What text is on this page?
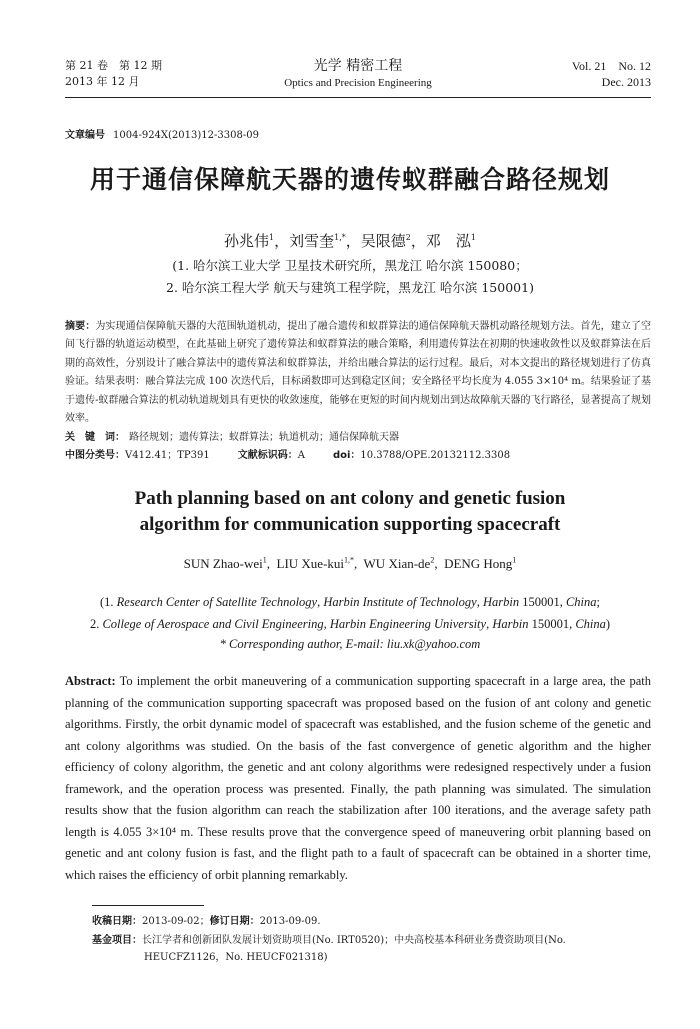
第 21 卷　第 12 期
2013 年 12 月
光学 精密工程
Optics and Precision Engineering
Vol. 21　No. 12
Dec. 2013
文章编号 1004-924X(2013)12-3308-09
用于通信保障航天器的遗传蚁群融合路径规划
孙兆伟$^1$，刘雪奎$^{1,*}$，吴限德$^2$，邓　泓$^1$
(1. 哈尔滨工业大学 卫星技术研究所，黑龙江 哈尔滨 150080；
2. 哈尔滨工程大学 航天与建筑工程学院，黑龙江 哈尔滨 150001)
摘要：为实现通信保障航天器的大范围轨道机动，提出了融合遗传和蚁群算法的通信保障航天器机动路径规划方法。首先，建立了空间飞行器的轨道运动模型，在此基础上研究了遗传算法和蚁群算法的融合策略，利用遗传算法在初期的快速收敛性以及蚁群算法在后期的高效性，分别设计了融合算法中的遗传算法和蚁群算法，并给出融合算法的运行过程。最后，对本文提出的路径规划进行了仿真验证。结果表明：融合算法完成 100 次迭代后，目标函数即可达到稳定区间；安全路径平均长度为 4.055 3×10⁴ m。结果验证了基于遗传-蚁群融合算法的机动轨道规划具有更快的收敛速度，能够在更短的时间内规划出到达故障航天器的飞行路径，显著提高了规划效率。
关　键　词： 路径规划；遗传算法；蚁群算法；轨道机动；通信保障航天器
中图分类号：V412.41；TP391	文献标识码：A	doi：10.3788/OPE.20132112.3308
Path planning based on ant colony and genetic fusion
algorithm for communication supporting spacecraft
SUN Zhao-wei$^1$,  LIU Xue-kui$^{1,*}$,  WU Xian-$de^2$,  DENG Hong$^1$
(1. Research Center of Satellite Technology, Harbin Institute of Technology, Harbin 150001, China;
2. College of Aerospace and Civil Engineering, Harbin Engineering University, Harbin 150001, China)
* Corresponding author, E-mail: liu.xk@yahoo.com
Abstract: To implement the orbit maneuvering of a communication supporting spacecraft in a large area, the path planning of the communication supporting spacecraft was proposed based on the fusion of ant colony and genetic algorithms. Firstly, the orbit dynamic model of spacecraft was established, and the fusion scheme of the genetic and ant colony algorithms was studied. On the basis of the fast convergence of genetic algorithm and the higher efficiency of colony algorithm, the genetic and ant colony algorithms were redesigned respectively under a fusion framework, and the operation process was presented. Finally, the path planning was simulated. The simulation results show that the fusion algorithm can reach the stabilization after 100 iterations, and the average safety path length is 4.055 3×10⁴ m. These results prove that the convergence speed of maneuvering orbit planning based on genetic and ant colony fusion is fast, and the flight path to a fault of spacecraft can be obtained in a shorter time, which raises the efficiency of orbit planning remarkably.
收稿日期：2013-09-02；修订日期：2013-09-09.
基金项目：长江学者和创新团队发展计划资助项目(No. IRT0520)；中央高校基本科研业务费资助项目(No.
HEUCFZ1126，No. HEUCF021318)
